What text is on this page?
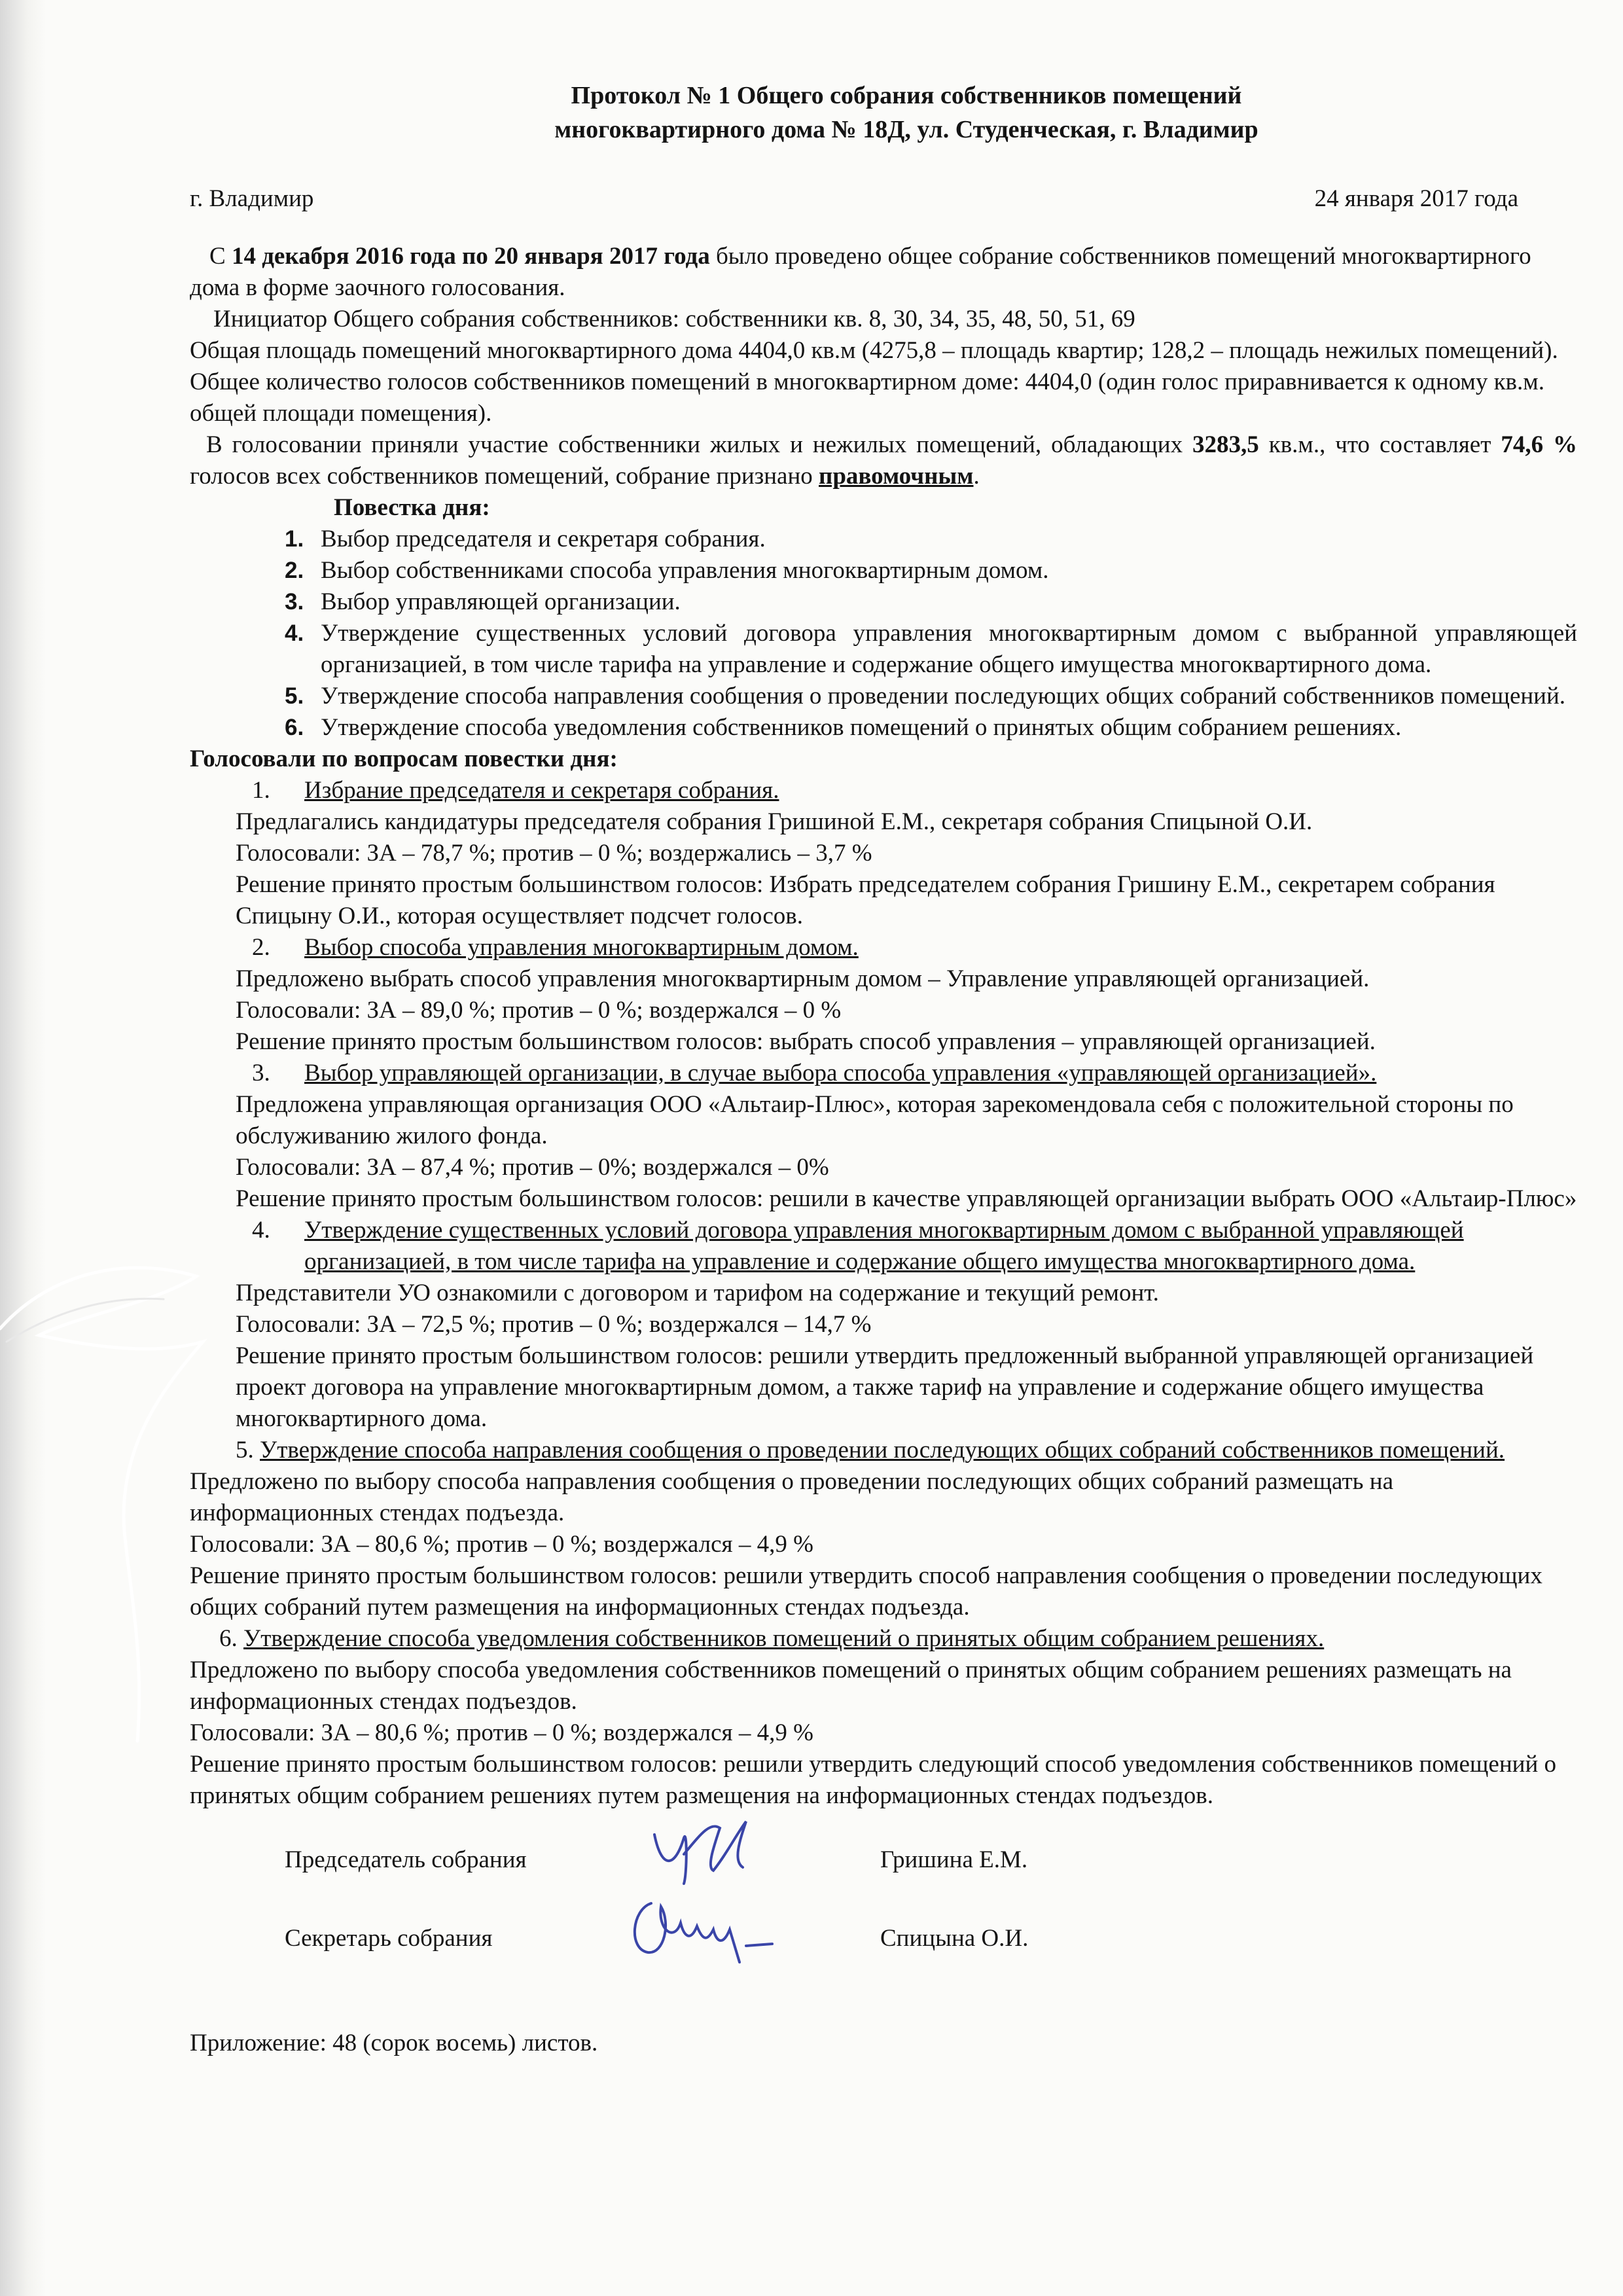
Протокол № 1 Общего собрания собственников помещений
многоквартирного дома № 18Д, ул. Студенческая, г. Владимир
г. Владимир	24 января 2017 года

С 14 декабря 2016 года по 20 января 2017 года было проведено общее собрание собственников помещений многоквартирного дома в форме заочного голосования.

Инициатор Общего собрания собственников: собственники кв. 8, 30, 34, 35, 48, 50, 51, 69

Общая площадь помещений многоквартирного дома 4404,0 кв.м (4275,8 – площадь квартир; 128,2 – площадь нежилых помещений).

Общее количество голосов собственников помещений в многоквартирном доме: 4404,0 (один голос приравнивается к одному кв.м. общей площади помещения).

В голосовании приняли участие собственники жилых и нежилых помещений, обладающих 3283,5 кв.м., что составляет 74,6 % голосов всех собственников помещений, собрание признано правомочным.

Повестка дня:
1. Выбор председателя и секретаря собрания.
2. Выбор собственниками способа управления многоквартирным домом.
3. Выбор управляющей организации.
4. Утверждение существенных условий договора управления многоквартирным домом с выбранной управляющей организацией, в том числе тарифа на управление и содержание общего имущества многоквартирного дома.
5. Утверждение способа направления сообщения о проведении последующих общих собраний собственников помещений.
6. Утверждение способа уведомления собственников помещений о принятых общим собранием решениях.
Голосовали по вопросам повестки дня:
1.	Избрание председателя и секретаря собрания.

Предлагались кандидатуры председателя собрания Гришиной Е.М., секретаря собрания Спицыной О.И.

Голосовали: ЗА – 78,7 %; против – 0 %; воздержались – 3,7 %

Решение принято простым большинством голосов: Избрать председателем собрания Гришину Е.М., секретарем собрания Спицыну О.И., которая осуществляет подсчет голосов.

2.	Выбор способа управления многоквартирным домом.

Предложено выбрать способ управления многоквартирным домом – Управление управляющей организацией.

Голосовали: ЗА – 89,0 %; против – 0 %; воздержался – 0 %

Решение принято простым большинством голосов: выбрать способ управления – управляющей организацией.

3.	Выбор управляющей организации, в случае выбора способа управления «управляющей организацией».

Предложена управляющая организация ООО «Альтаир-Плюс», которая зарекомендовала себя с положительной стороны по обслуживанию жилого фонда.

Голосовали: ЗА – 87,4 %; против – 0%; воздержался – 0%

Решение принято простым большинством голосов: решили в качестве управляющей организации выбрать ООО «Альтаир-Плюс»

4.	Утверждение существенных условий договора управления многоквартирным домом с выбранной управляющей организацией, в том числе тарифа на управление и содержание общего имущества многоквартирного дома.

Представители УО ознакомили с договором и тарифом на содержание и текущий ремонт.

Голосовали: ЗА – 72,5 %; против – 0 %; воздержался – 14,7 %

Решение принято простым большинством голосов: решили утвердить предложенный выбранной управляющей организацией проект договора на управление многоквартирным домом, а также тариф на управление и содержание общего имущества многоквартирного дома.

5. Утверждение способа направления сообщения о проведении последующих общих собраний собственников помещений.

Предложено по выбору способа направления сообщения о проведении последующих общих собраний размещать на информационных стендах подъезда.

Голосовали: ЗА – 80,6 %; против – 0 %; воздержался – 4,9 %

Решение принято простым большинством голосов: решили утвердить способ направления сообщения о проведении последующих общих собраний путем размещения на информационных стендах подъезда.

6. Утверждение способа уведомления собственников помещений о принятых общим собранием решениях.

Предложено по выбору способа уведомления собственников помещений о принятых общим собранием решениях размещать на информационных стендах подъездов.

Голосовали: ЗА – 80,6 %; против – 0 %; воздержался – 4,9 %

Решение принято простым большинством голосов: решили утвердить следующий способ уведомления собственников помещений о принятых общим собранием решениях путем размещения на информационных стендах подъездов.

Председатель собрания	Гришина Е.М.
Секретарь собрания	Спицына О.И.

Приложение: 48 (сорок восемь) листов.
